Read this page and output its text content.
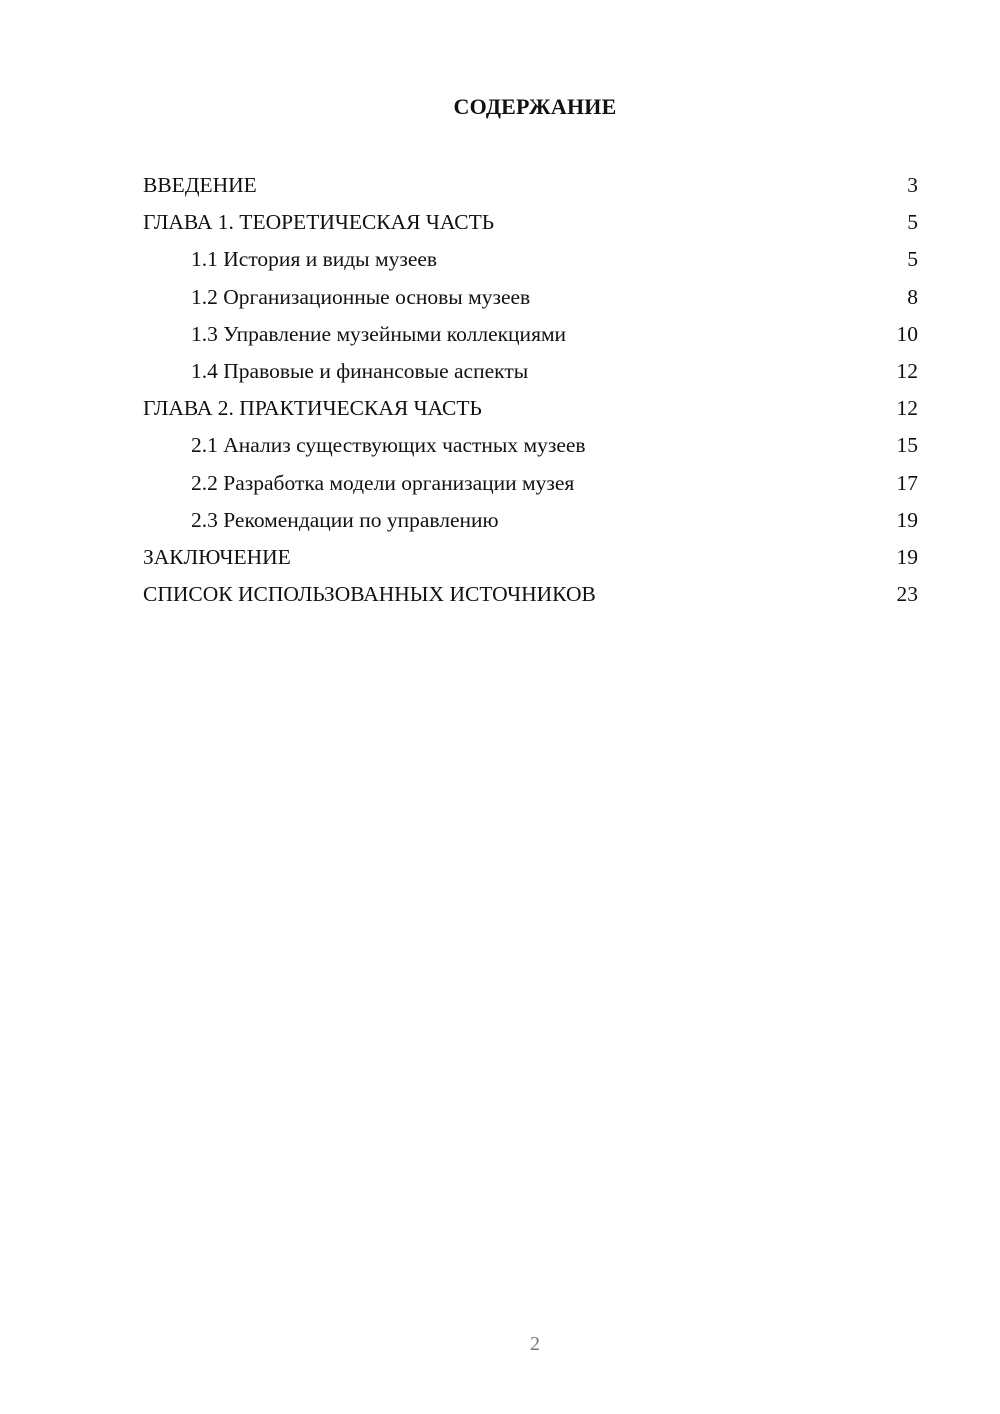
СОДЕРЖАНИЕ
ВВЕДЕНИЕ	3
ГЛАВА 1. ТЕОРЕТИЧЕСКАЯ ЧАСТЬ	5
1.1 История и виды музеев	5
1.2 Организационные основы музеев	8
1.3 Управление музейными коллекциями	10
1.4 Правовые и финансовые аспекты	12
ГЛАВА 2. ПРАКТИЧЕСКАЯ ЧАСТЬ	12
2.1 Анализ существующих частных музеев	15
2.2 Разработка модели организации музея	17
2.3 Рекомендации по управлению	19
ЗАКЛЮЧЕНИЕ	19
СПИСОК ИСПОЛЬЗОВАННЫХ ИСТОЧНИКОВ	23
2
